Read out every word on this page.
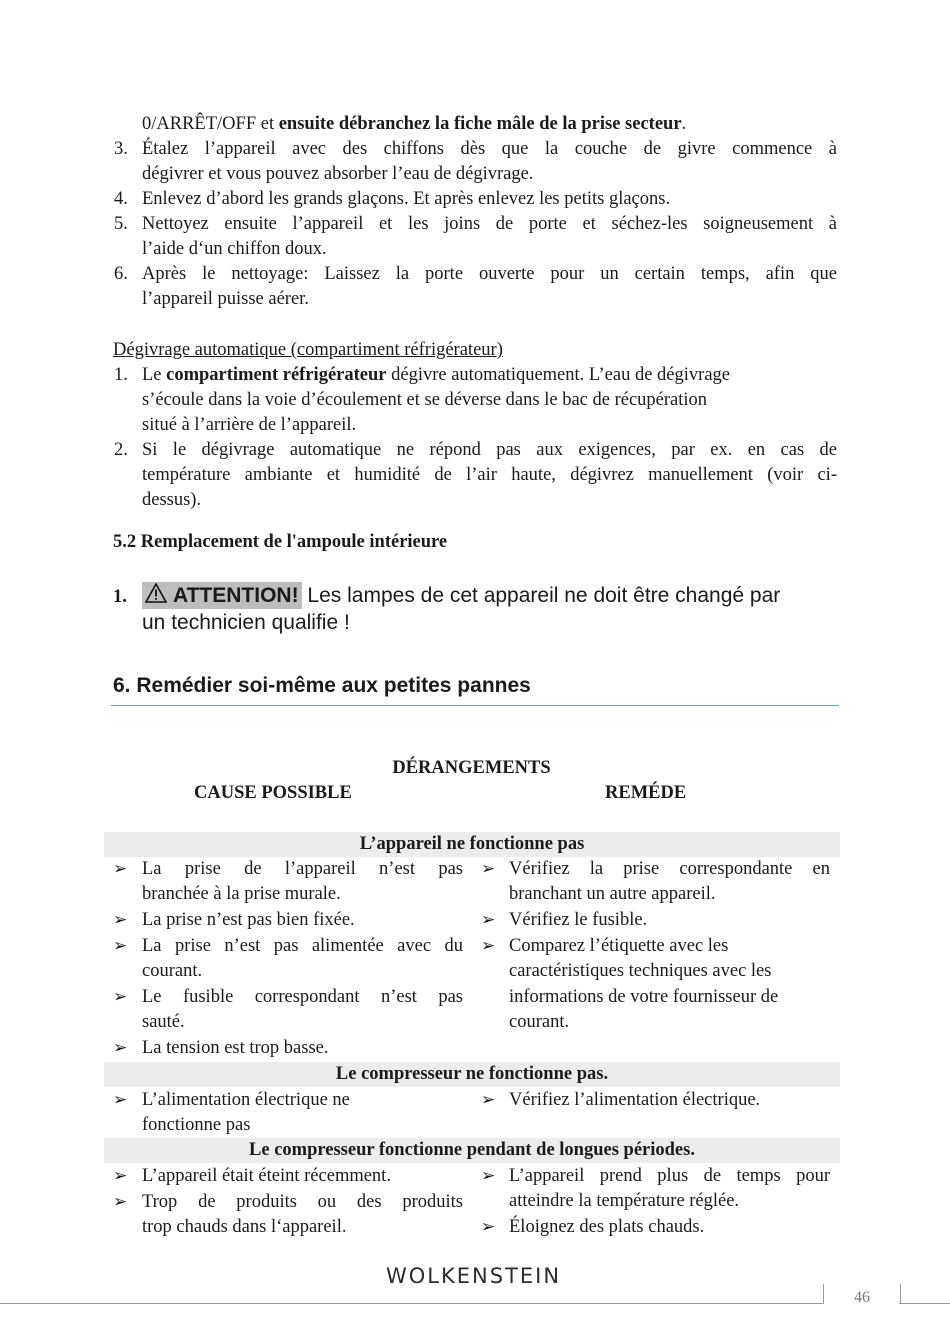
0/ARRÊT/OFF et ensuite débranchez la fiche mâle de la prise secteur.
3. Étalez l’appareil avec des chiffons dès que la couche de givre commence à
dégivrer et vous pouvez absorber l’eau de dégivrage.
4. Enlevez d’abord les grands glaçons. Et après enlevez les petits glaçons.
5. Nettoyez ensuite l’appareil et les joins de porte et séchez-les soigneusement à
l’aide d‘un chiffon doux.
6. Après le nettoyage: Laissez la porte ouverte pour un certain temps, afin que
l’appareil puisse aérer.
Dégivrage automatique (compartiment réfrigérateur)
1. Le compartiment réfrigérateur dégivre automatiquement. L’eau de dégivrage
s’écoule dans la voie d’écoulement et se déverse dans le bac de récupération
situé à l’arrière de l’appareil.
2. Si le dégivrage automatique ne répond pas aux exigences, par ex. en cas de
température ambiante et humidité de l’air haute, dégivrez manuellement (voir ci-
dessus).
5.2 Remplacement de l'ampoule intérieure
1.	ATTENTION! Les lampes de cet appareil ne doit être changé par
un technicien qualifie !
6. Remédier soi-même aux petites pannes
DÉRANGEMENTS
CAUSE POSSIBLE	REMÉDE
L’appareil ne fonctionne pas
➢ La prise de l’appareil n’est pas
branchée à la prise murale.
➢ La prise n’est pas bien fixée.
➢ La prise n’est pas alimentée avec du
courant.
➢ Le fusible correspondant n’est pas
sauté.
➢ La tension est trop basse.
➢ Vérifiez la prise correspondante en
branchant un autre appareil.
➢ Vérifiez le fusible.
➢ Comparez l’étiquette avec les
caractéristiques techniques avec les
informations de votre fournisseur de
courant.
Le compresseur ne fonctionne pas.
➢ L’alimentation électrique ne
fonctionne pas
➢ Vérifiez l’alimentation électrique.
Le compresseur fonctionne pendant de longues périodes.
➢ L’appareil était éteint récemment.
➢ Trop de produits ou des produits
trop chauds dans l‘appareil.
➢ L’appareil prend plus de temps pour
atteindre la température réglée.
➢ Éloignez des plats chauds.
WOLKENSTEIN
46
